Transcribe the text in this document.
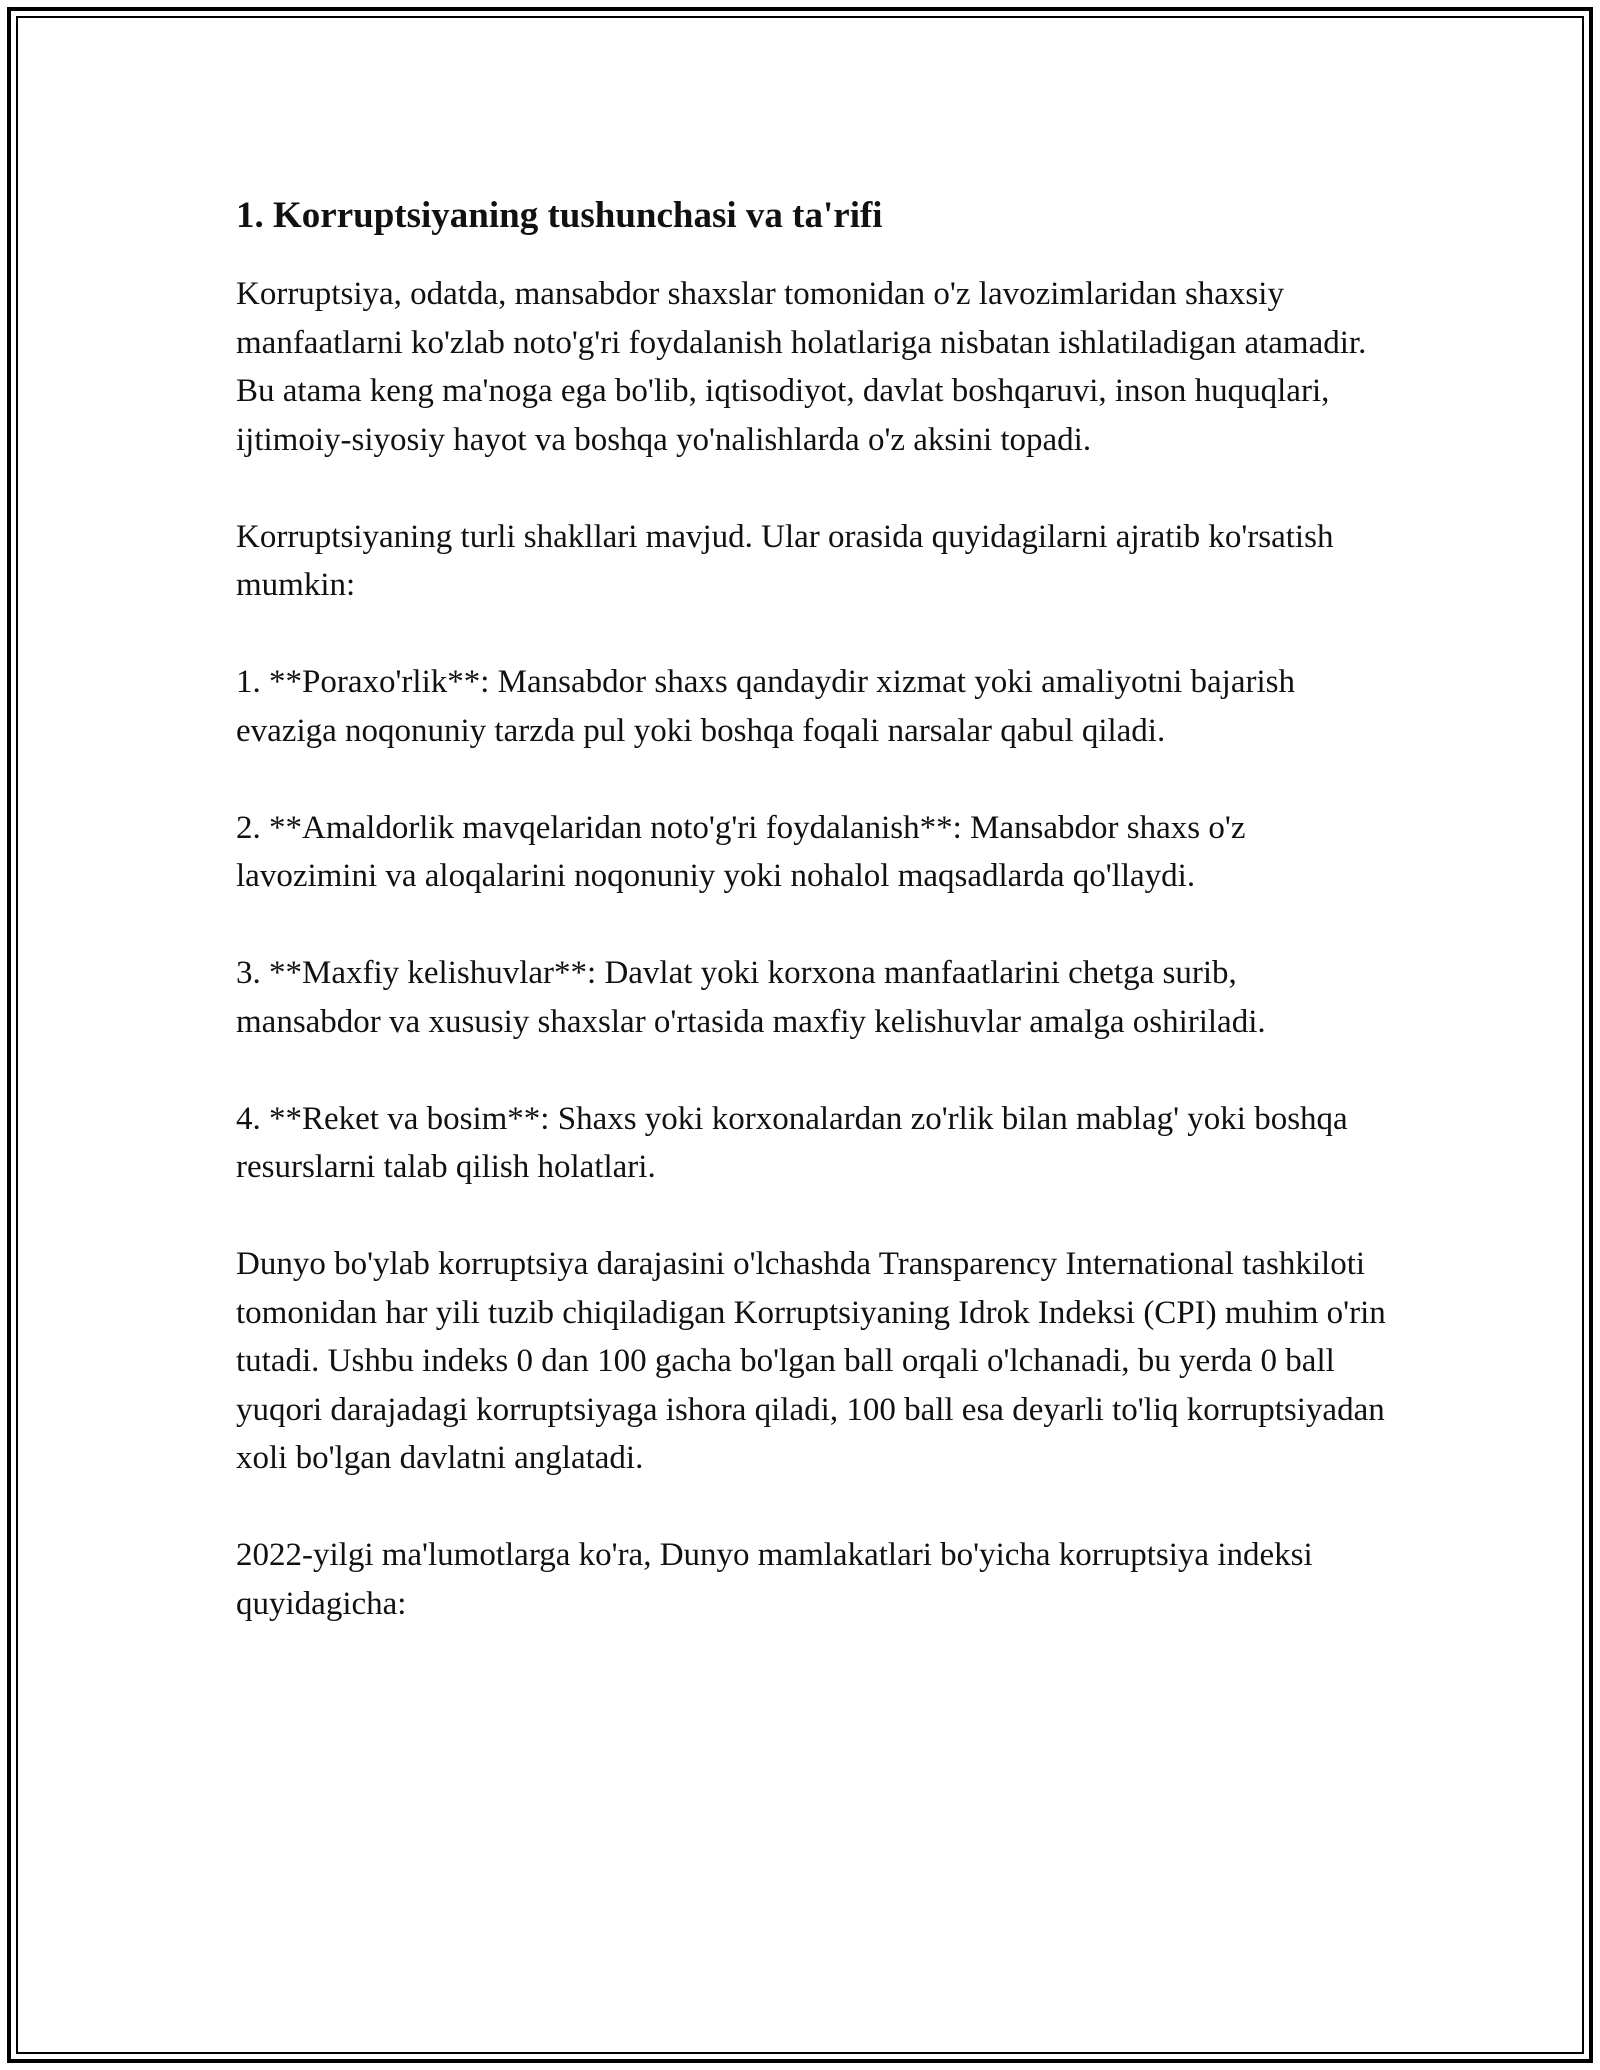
1. Korruptsiyaning tushunchasi va ta'rifi

Korruptsiya, odatda, mansabdor shaxslar tomonidan o'z lavozimlaridan shaxsiy manfaatlarni ko'zlab noto'g'ri foydalanish holatlariga nisbatan ishlatiladigan atamadir. Bu atama keng ma'noga ega bo'lib, iqtisodiyot, davlat boshqaruvi, inson huquqlari, ijtimoiy-siyosiy hayot va boshqa yo'nalishlarda o'z aksini topadi.

Korruptsiyaning turli shakllari mavjud. Ular orasida quyidagilarni ajratib ko'rsatish mumkin:

1. **Poraxo'rlik**: Mansabdor shaxs qandaydir xizmat yoki amaliyotni bajarish evaziga noqonuniy tarzda pul yoki boshqa foqali narsalar qabul qiladi.

2. **Amaldorlik mavqelaridan noto'g'ri foydalanish**: Mansabdor shaxs o'z lavozimini va aloqalarini noqonuniy yoki nohalol maqsadlarda qo'llaydi.

3. **Maxfiy kelishuvlar**: Davlat yoki korxona manfaatlarini chetga surib, mansabdor va xususiy shaxslar o'rtasida maxfiy kelishuvlar amalga oshiriladi.

4. **Reket va bosim**: Shaxs yoki korxonalardan zo'rlik bilan mablag' yoki boshqa resurslarni talab qilish holatlari.

Dunyo bo'ylab korruptsiya darajasini o'lchashda Transparency International tashkiloti tomonidan har yili tuzib chiqiladigan Korruptsiyaning Idrok Indeksi (CPI) muhim o'rin tutadi. Ushbu indeks 0 dan 100 gacha bo'lgan ball orqali o'lchanadi, bu yerda 0 ball yuqori darajadagi korruptsiyaga ishora qiladi, 100 ball esa deyarli to'liq korruptsiyadan xoli bo'lgan davlatni anglatadi.

2022-yilgi ma'lumotlarga ko'ra, Dunyo mamlakatlari bo'yicha korruptsiya indeksi quyidagicha:
